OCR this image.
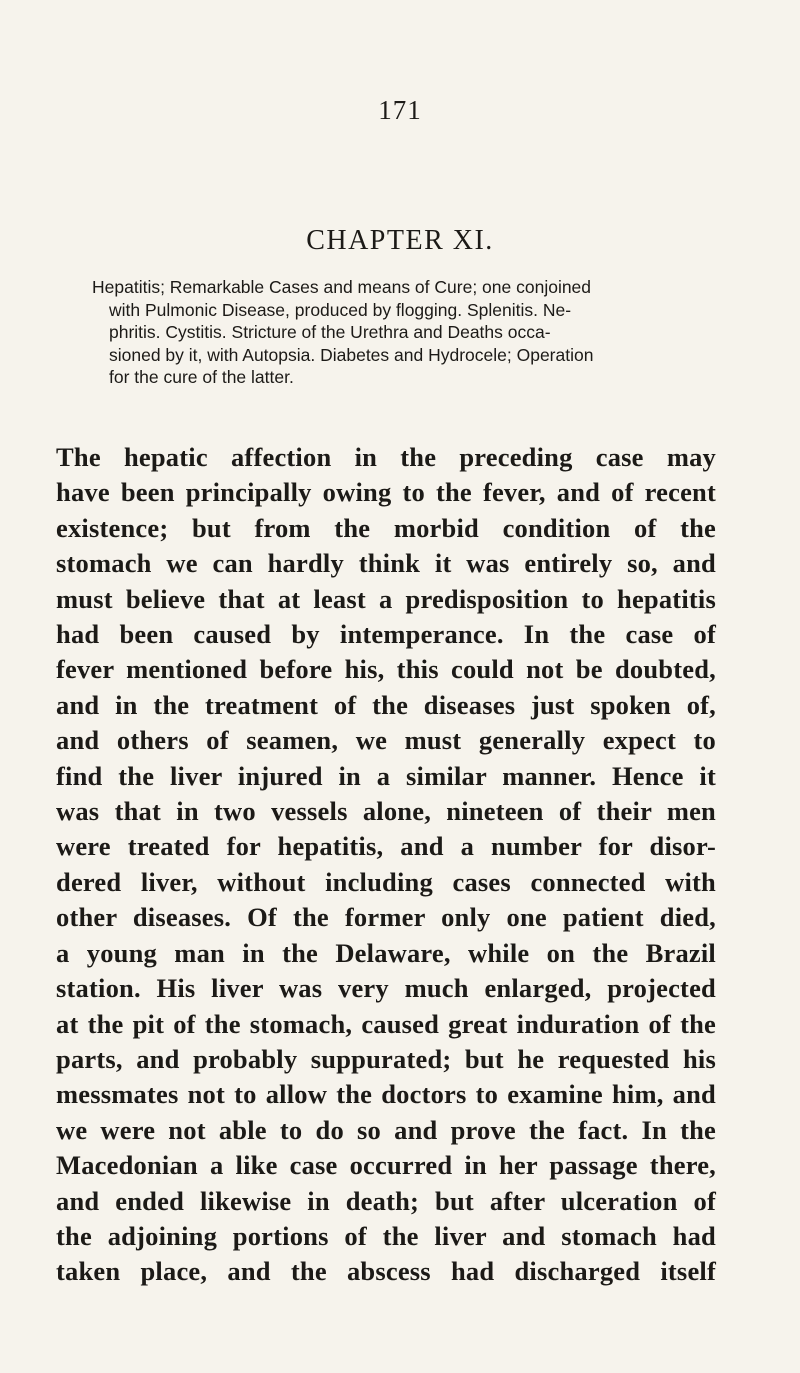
171
CHAPTER XI.
Hepatitis; Remarkable Cases and means of Cure; one conjoined
with Pulmonic Disease, produced by flogging. Splenitis. Ne-
phritis. Cystitis. Stricture of the Urethra and Deaths occa-
sioned by it, with Autopsia. Diabetes and Hydrocele; Operation
for the cure of the latter.
The hepatic affection in the preceding case may
have been principally owing to the fever, and of recent
existence; but from the morbid condition of the
stomach we can hardly think it was entirely so, and
must believe that at least a predisposition to hepatitis
had been caused by intemperance. In the case of
fever mentioned before his, this could not be doubted,
and in the treatment of the diseases just spoken of,
and others of seamen, we must generally expect to
find the liver injured in a similar manner. Hence it
was that in two vessels alone, nineteen of their men
were treated for hepatitis, and a number for disor-
dered liver, without including cases connected with
other diseases. Of the former only one patient died,
a young man in the Delaware, while on the Brazil
station. His liver was very much enlarged, projected
at the pit of the stomach, caused great induration of the
parts, and probably suppurated; but he requested his
messmates not to allow the doctors to examine him, and
we were not able to do so and prove the fact. In the
Macedonian a like case occurred in her passage there,
and ended likewise in death; but after ulceration of
the adjoining portions of the liver and stomach had
taken place, and the abscess had discharged itself
